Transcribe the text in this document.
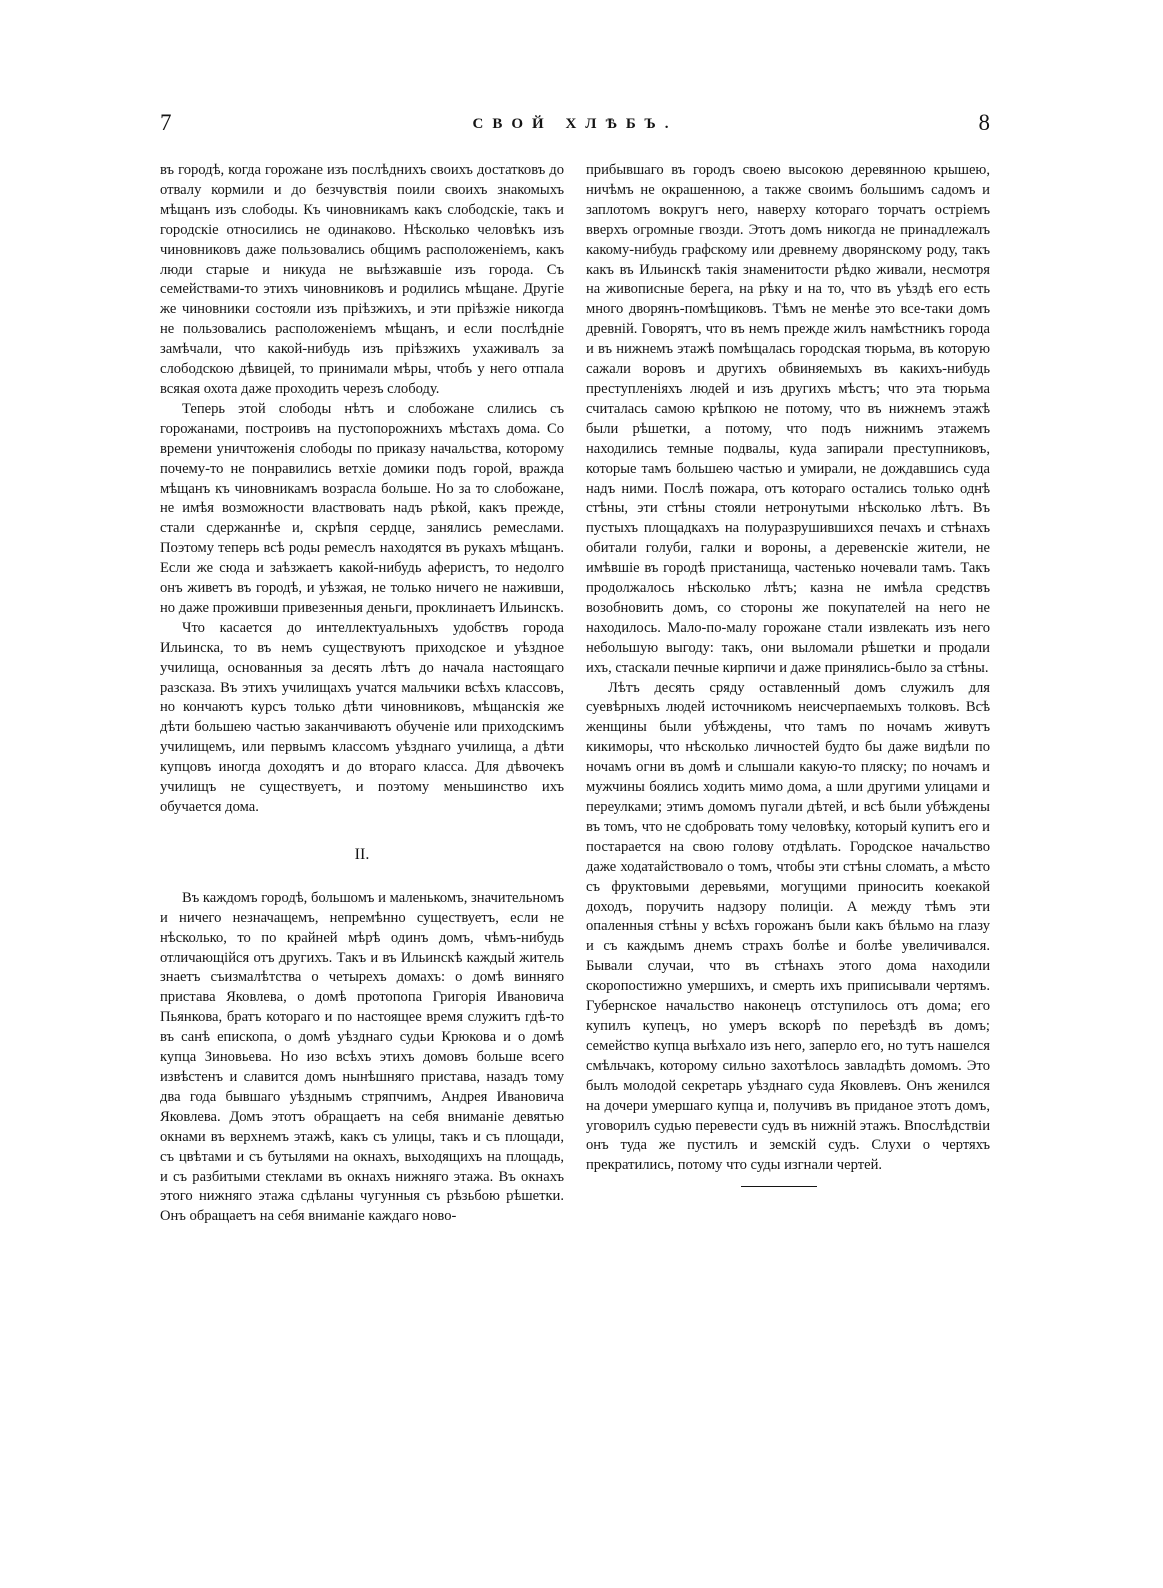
7	СВОЙ ХЛѢБЪ.	8

въ городѣ, когда горожане изъ послѣднихъ своихъ достатковъ до отвалу кормили и до безчувствія поили своихъ знакомыхъ мѣщанъ изъ слободы. Къ чиновникамъ какъ слободскіе, такъ и городскіе относились не одинаково. Нѣсколько человѣкъ изъ чиновниковъ даже пользовались общимъ расположеніемъ, какъ люди старые и никуда не выѣзжавшіе изъ города. Съ семействами-то этихъ чиновниковъ и родились мѣщане. Другіе же чиновники состояли изъ пріѣзжихъ, и эти пріѣзжіе никогда не пользовались расположеніемъ мѣщанъ, и если послѣдніе замѣчали, что какой-нибудь изъ пріѣзжихъ ухаживалъ за слободскою дѣвицей, то принимали мѣры, чтобъ у него отпала всякая охота даже проходить черезъ слободу.

Теперь этой слободы нѣтъ и слобожане слились съ горожанами, построивъ на пустопорожнихъ мѣстахъ дома. Со времени уничтоженія слободы по приказу начальства, которому почему-то не понравились ветхіе домики подъ горой, вражда мѣщанъ къ чиновникамъ возрасла больше. Но за то слобожане, не имѣя возможности властвовать надъ рѣкой, какъ прежде, стали сдержаннѣе и, скрѣпя сердце, занялись ремеслами. Поэтому теперь всѣ роды ремеслъ находятся въ рукахъ мѣщанъ. Если же сюда и заѣзжаетъ какой-нибудь аферистъ, то недолго онъ живетъ въ городѣ, и уѣзжая, не только ничего не наживши, но даже проживши привезенныя деньги, проклинаетъ Ильинскъ.

Что касается до интеллектуальныхъ удобствъ города Ильинска, то въ немъ существуютъ приходское и уѣздное училища, основанныя за десять лѣтъ до начала настоящаго разсказа. Въ этихъ училищахъ учатся мальчики всѣхъ классовъ, но кончаютъ курсъ только дѣти чиновниковъ, мѣщанскія же дѣти большею частью заканчиваютъ обученіе или приходскимъ училищемъ, или первымъ классомъ уѣзднаго училища, а дѣти купцовъ иногда доходятъ и до втораго класса. Для дѣвочекъ училищъ не существуетъ, и поэтому меньшинство ихъ обучается дома.

II.

Въ каждомъ городѣ, большомъ и маленькомъ, значительномъ и ничего незначащемъ, непремѣнно существуетъ, если не нѣсколько, то по крайней мѣрѣ одинъ домъ, чѣмъ-нибудь отличающійся отъ другихъ. Такъ и въ Ильинскѣ каждый житель знаетъ съизмалѣтства о четырехъ домахъ: о домѣ винняго пристава Яковлева, о домѣ протопопа Григорія Ивановича Пьянкова, братъ котораго и по настоящее время служитъ гдѣ-то въ санѣ епископа, о домѣ уѣзднаго судьи Крюкова и о домѣ купца Зиновьева. Но изо всѣхъ этихъ домовъ больше всего извѣстенъ и славится домъ нынѣшняго пристава, назадъ тому два года бывшаго уѣзднымъ стряпчимъ, Андрея Ивановича Яковлева. Домъ этотъ обращаетъ на себя вниманіе девятью окнами въ верхнемъ этажѣ, какъ съ улицы, такъ и съ площади, съ цвѣтами и съ бутылями на окнахъ, выходящихъ на площадь, и съ разбитыми стеклами въ окнахъ нижняго этажа. Въ окнахъ этого нижняго этажа сдѣланы чугунныя съ рѣзьбою рѣшетки. Онъ обращаетъ на себя вниманіе каждаго ново-

прибывшаго въ городъ своею высокою деревянною крышею, ничѣмъ не окрашенною, а также своимъ большимъ садомъ и заплотомъ вокругъ него, наверху котораго торчатъ остріемъ вверхъ огромные гвозди. Этотъ домъ никогда не принадлежалъ какому-нибудь графскому или древнему дворянскому роду, такъ какъ въ Ильинскѣ такія знаменитости рѣдко живали, несмотря на живописные берега, на рѣку и на то, что въ уѣздѣ его есть много дворянъ-помѣщиковъ. Тѣмъ не менѣе это все-таки домъ древній. Говорятъ, что въ немъ прежде жилъ намѣстникъ города и въ нижнемъ этажѣ помѣщалась городская тюрьма, въ которую сажали воровъ и другихъ обвиняемыхъ въ какихъ-нибудь преступленіяхъ людей и изъ другихъ мѣстъ; что эта тюрьма считалась самою крѣпкою не потому, что въ нижнемъ этажѣ были рѣшетки, а потому, что подъ нижнимъ этажемъ находились темные подвалы, куда запирали преступниковъ, которые тамъ большею частью и умирали, не дождавшись суда надъ ними. Послѣ пожара, отъ котораго остались только однѣ стѣны, эти стѣны стояли нетронутыми нѣсколько лѣтъ. Въ пустыхъ площадкахъ на полуразрушившихся печахъ и стѣнахъ обитали голуби, галки и вороны, а деревенскіе жители, не имѣвшіе въ городѣ пристанища, частенько ночевали тамъ. Такъ продолжалось нѣсколько лѣтъ; казна не имѣла средствъ возобновить домъ, со стороны же покупателей на него не находилось. Мало-по-малу горожане стали извлекать изъ него небольшую выгоду: такъ, они выломали рѣшетки и продали ихъ, стаскали печные кирпичи и даже принялись-было за стѣны.

Лѣтъ десять сряду оставленный домъ служилъ для суевѣрныхъ людей источникомъ неисчерпаемыхъ толковъ. Всѣ женщины были убѣждены, что тамъ по ночамъ живутъ кикиморы, что нѣсколько личностей будто бы даже видѣли по ночамъ огни въ домѣ и слышали какую-то пляску; по ночамъ и мужчины боялись ходить мимо дома, а шли другими улицами и переулками; этимъ домомъ пугали дѣтей, и всѣ были убѣждены въ томъ, что не сдобровать тому человѣку, который купитъ его и постарается на свою голову отдѣлать. Городское начальство даже ходатайствовало о томъ, чтобы эти стѣны сломать, а мѣсто съ фруктовыми деревьями, могущими приносить коекакой доходъ, поручить надзору полиціи. А между тѣмъ эти опаленныя стѣны у всѣхъ горожанъ были какъ бѣльмо на глазу и съ каждымъ днемъ страхъ болѣе и болѣе увеличивался. Бывали случаи, что въ стѣнахъ этого дома находили скоропостижно умершихъ, и смерть ихъ приписывали чертямъ. Губернское начальство наконецъ отступилось отъ дома; его купилъ купецъ, но умеръ вскорѣ по переѣздѣ въ домъ; семейство купца выѣхало изъ него, заперло его, но тутъ нашелся смѣльчакъ, которому сильно захотѣлось завладѣть домомъ. Это былъ молодой секретарь уѣзднаго суда Яковлевъ. Онъ женился на дочери умершаго купца и, получивъ въ приданое этотъ домъ, уговорилъ судью перевести судъ въ нижній этажъ. Впослѣдствіи онъ туда же пустилъ и земскій судъ. Слухи о чертяхъ прекратились, потому что суды изгнали чертей.
